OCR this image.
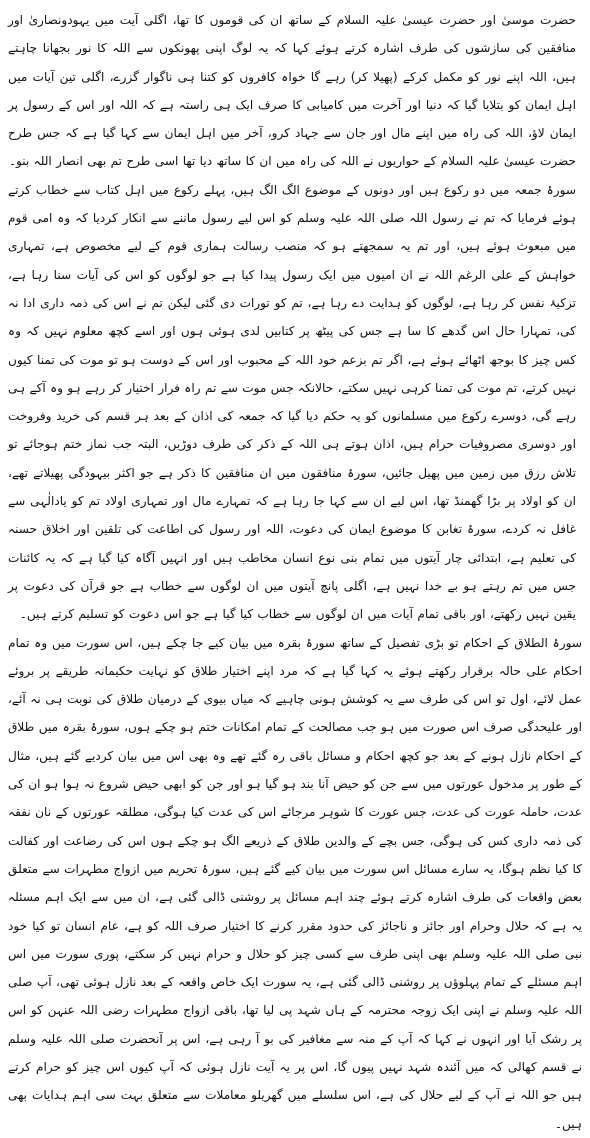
حضرت موسیٰ اور حضرت عیسیٰ علیہ السلام کے ساتھ ان کی قوموں کا تھا، اگلی آیت میں یہودونصاریٰ اور منافقین کی سازشوں کی طرف اشارہ کرتے ہوئے کہا کہ یہ لوگ اپنی پھونکوں سے اللہ کا نور بجھانا چاہتے ہیں، اللہ اپنے نور کو مکمل کرکے (پھیلا کر) رہے گا خواہ کافروں کو کتنا ہی ناگوار گزرے، اگلی تین آیات میں اہل ایمان کو بتلایا گیا کہ دنیا اور آخرت میں کامیابی کا صرف ایک ہی راستہ ہے کہ اللہ اور اس کے رسول پر ایمان لاؤ، اللہ کی راہ میں اپنے مال اور جان سے جہاد کرو، آخر میں اہل ایمان سے کہا گیا ہے کہ جس طرح حضرت عیسیٰ علیہ السلام کے حواریوں نے اللہ کی راہ میں ان کا ساتھ دیا تھا اسی طرح تم بھی انصار اللہ بنو۔

سورۂ جمعہ میں دو رکوع ہیں اور دونوں کے موضوع الگ الگ ہیں، پہلے رکوع میں اہل کتاب سے خطاب کرتے ہوئے فرمایا کہ تم نے رسول اللہ صلی اللہ علیہ وسلم کو اس لیے رسول ماننے سے انکار کردیا کہ وہ امی قوم میں مبعوث ہوئے ہیں، اور تم یہ سمجھتے ہو کہ منصب رسالت ہماری قوم کے لیے مخصوص ہے، تمہاری خواہش کے علی الرغم اللہ نے ان امیوں میں ایک رسول پیدا کیا ہے جو لوگوں کو اس کی آیات سنا رہا ہے، تزکیۂ نفس کر رہا ہے، لوگوں کو ہدایت دے رہا ہے، تم کو تورات دی گئی لیکن تم نے اس کی ذمہ داری ادا نہ کی، تمہارا حال اس گدھے کا سا ہے جس کی پیٹھ پر کتابیں لدی ہوئی ہوں اور اسے کچھ معلوم نہیں کہ وہ کس چیز کا بوجھ اٹھائے ہوئے ہے، اگر تم بزعم خود اللہ کے محبوب اور اس کے دوست ہو تو موت کی تمنا کیوں نہیں کرتے، تم موت کی تمنا کرہی نہیں سکتے، حالانکہ جس موت سے تم راہ فرار اختیار کر رہے ہو وہ آکے ہی رہے گی، دوسرے رکوع میں مسلمانوں کو یہ حکم دیا گیا کہ جمعہ کی اذان کے بعد ہر قسم کی خرید وفروخت اور دوسری مصروفیات حرام ہیں، اذان ہوتے ہی اللہ کے ذکر کی طرف دوڑیں، البتہ جب نماز ختم ہوجائے تو تلاش رزق میں زمین میں پھیل جائیں، سورۂ منافقون میں ان منافقین کا ذکر ہے جو اکثر بیہودگی پھیلاتے تھے، ان کو اولاد پر بڑا گھمنڈ تھا، اس لیے ان سے کہا جا رہا ہے کہ تمہارے مال اور تمہاری اولاد تم کو یادالٰہی سے غافل نہ کردے، سورۂ تغابن کا موضوع ایمان کی دعوت، اللہ اور رسول کی اطاعت کی تلقین اور اخلاق حسنہ کی تعلیم ہے، ابتدائی چار آیتوں میں تمام بنی نوع انسان مخاطب ہیں اور انہیں آگاہ کیا گیا ہے کہ یہ کائنات جس میں تم رہتے ہو بے خدا نہیں ہے، اگلی پانچ آیتوں میں ان لوگوں سے خطاب ہے جو قرآن کی دعوت پر یقین نہیں رکھتے، اور باقی تمام آیات میں ان لوگوں سے خطاب کیا گیا ہے جو اس دعوت کو تسلیم کرتے ہیں۔

سورۂ الطلاق کے احکام تو بڑی تفصیل کے ساتھ سورۂ بقرہ میں بیان کیے جا چکے ہیں، اس سورت میں وہ تمام احکام علی حالہ برقرار رکھتے ہوئے یہ کہا گیا ہے کہ مرد اپنے اختیار طلاق کو نہایت حکیمانہ طریقے پر بروئے عمل لائے، اول تو اس کی طرف سے یہ کوشش ہونی چاہیے کہ میاں بیوی کے درمیان طلاق کی نوبت ہی نہ آئے، اور علیحدگی صرف اس صورت میں ہو جب مصالحت کے تمام امکانات ختم ہو چکے ہوں، سورۂ بقرہ میں طلاق کے احکام نازل ہونے کے بعد جو کچھ احکام و مسائل باقی رہ گئے تھے وہ بھی اس میں بیان کردیے گئے ہیں، مثال کے طور پر مدخول عورتوں میں سے جن کو حیض آنا بند ہو گیا ہو اور جن کو ابھی حیض شروع نہ ہوا ہو ان کی عدت، حاملہ عورت کی عدت، جس عورت کا شوہر مرجائے اس کی عدت کیا ہوگی، مطلقہ عورتوں کے نان نفقہ کی ذمہ داری کس کی ہوگی، جس بچے کے والدین طلاق کے ذریعے الگ ہو چکے ہوں اس کی رضاعت اور کفالت کا کیا نظم ہوگا، یہ سارے مسائل اس سورت میں بیان کیے گئے ہیں، سورۂ تحریم میں ازواج مطہرات سے متعلق بعض واقعات کی طرف اشارہ کرتے ہوئے چند اہم مسائل پر روشنی ڈالی گئی ہے، ان میں سے ایک اہم مسئلہ یہ ہے کہ حلال وحرام اور جائز و ناجائز کی حدود مقرر کرنے کا اختیار صرف اللہ کو ہے، عام انسان تو کیا خود نبی صلی اللہ علیہ وسلم بھی اپنی طرف سے کسی چیز کو حلال و حرام نہیں کر سکتے، پوری سورت میں اس اہم مسئلے کے تمام پہلوؤں پر روشنی ڈالی گئی ہے، یہ سورت ایک خاص واقعہ کے بعد نازل ہوئی تھی، آپ صلی اللہ علیہ وسلم نے اپنی ایک زوجہ محترمہ کے ہاں شہد پی لیا تھا، باقی ازواج مطہرات رضی اللہ عنہن کو اس پر رشک آیا اور انہوں نے کہا کہ آپ کے منہ سے مغافیر کی بو آ رہی ہے، اس پر آنحضرت صلی اللہ علیہ وسلم نے قسم کھالی کہ میں آئندہ شہد نہیں پیوں گا، اس پر یہ آیت نازل ہوئی کہ آپ کیوں اس چیز کو حرام کرتے ہیں جو اللہ نے آپ کے لیے حلال کی ہے، اس سلسلے میں گھریلو معاملات سے متعلق بہت سی اہم ہدایات بھی ہیں۔
